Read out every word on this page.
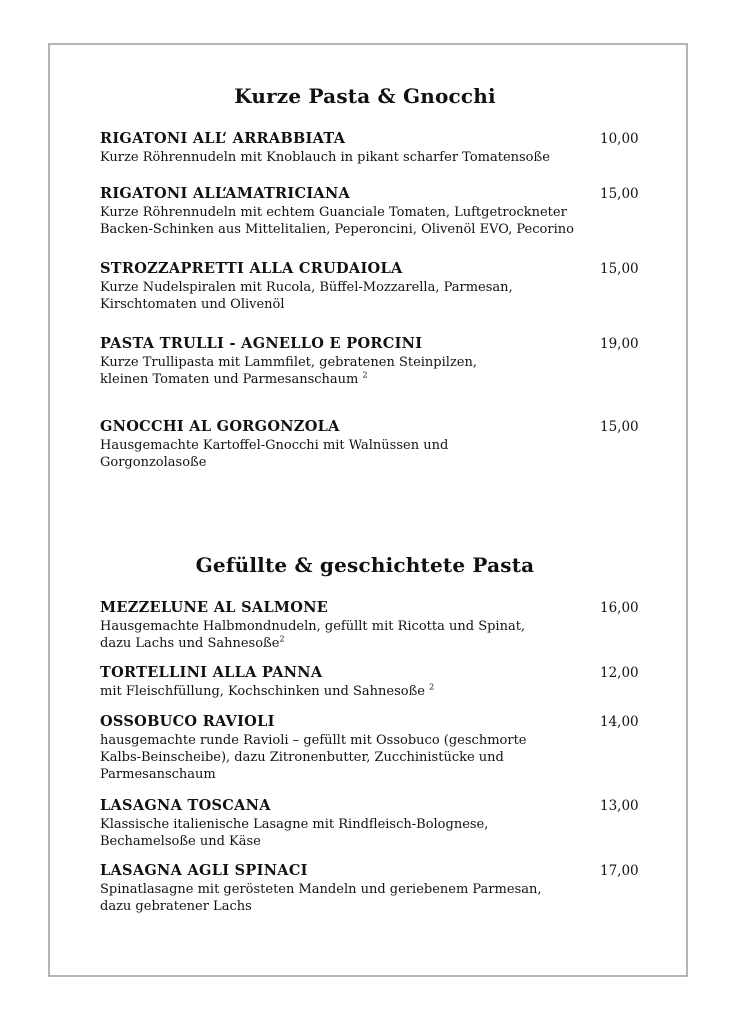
Kurze Pasta & Gnocchi
RIGATONI ALL‘ ARRABBIATA
Kurze Röhrennudeln mit Knoblauch in pikant scharfer Tomatensoße
10,00
RIGATONI ALL‘AMATRICIANA
Kurze Röhrennudeln mit echtem Guanciale Tomaten, Luftgetrockneter
Backen-Schinken aus Mittelitalien, Peperoncini, Olivenöl EVO, Pecorino
15,00
STROZZAPRETTI ALLA CRUDAIOLA
Kurze Nudelspiralen mit Rucola, Büffel-Mozzarella, Parmesan,
Kirschtomaten und Olivenöl
15,00
PASTA TRULLI - AGNELLO E PORCINI
Kurze Trullipasta mit Lammfilet, gebratenen Steinpilzen,
kleinen Tomaten und Parmesanschaum $^2$
19,00
GNOCCHI AL GORGONZOLA
Hausgemachte Kartoffel-Gnocchi mit Walnüssen und
Gorgonzolasoße
15,00
Gefüllte & geschichtete Pasta
MEZZELUNE AL SALMONE
Hausgemachte Halbmondnudeln, gefüllt mit Ricotta und Spinat,
dazu Lachs und Sahnesoße$^2$
16,00
TORTELLINI ALLA PANNA
mit Fleischfüllung, Kochschinken und Sahnesoße $^2$
12,00
OSSOBUCO RAVIOLI
hausgemachte runde Ravioli – gefüllt mit Ossobuco (geschmorte
Kalbs-Beinscheibe), dazu Zitronenbutter, Zucchinistücke und
Parmesanschaum
14,00
LASAGNA TOSCANA
Klassische italienische Lasagne mit Rindfleisch-Bolognese,
Bechamelsoße und Käse
13,00
LASAGNA AGLI SPINACI
Spinatlasagne mit gerösteten Mandeln und geriebenem Parmesan,
dazu gebratener Lachs
17,00
